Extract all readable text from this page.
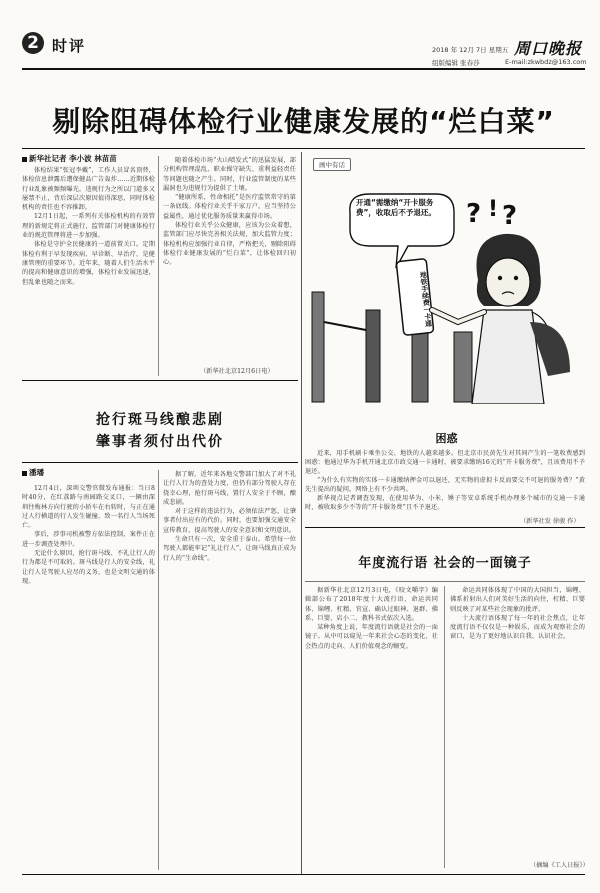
2 时评	2018 年 12月 7日 星期五 周口晚报
组版编辑 张春莎	E-mail:zkwbdz@163.com
剔除阻碍体检行业健康发展的“烂白菜”
新华社记者 李小波 林苗苗

体检结果“张冠李戴”，工作人员冒名顶替，体检信息泄露后遭保健品广告轰炸……近期体检行业乱象被频频曝光，违规行为之所以门道多又屡禁不止，背后深层次原因值得深思，同时体检机构的责任也不容推卸。

12月1日起，一系列有关体检机构的有效管理的新规定将正式施行，监管部门对健康体检行业的规范管理将进一步加强。

体检是守护全民健康的一道前置关口。定期体检有利于早发现疾病、早诊断、早治疗，是健康管理的重要环节。近年来，随着人们生活水平的提高和健康意识的增强，体检行业发展迅速，但乱象也随之而来。

随着体检市场“火山喷发式”的迅猛发展，部分机构管理混乱、职业操守缺失、重利益轻责任等问题也随之产生。同时，行业监管制度的某些漏洞也为违规行为提供了土壤。

“健康所系，性命相托”是医疗监管常守的第一条底线。体检行业关乎千家万户，应当坚持公益属性，通过优化服务质量来赢得市场。

体检行业关乎公众健康，应该为公众着想，监管部门应尽快完善相关法规，加大监管力度；体检机构应加强行业自律，严格把关，剔除阻碍体检行业健康发展的“烂白菜”，让体检回归初心。

（新华社北京12月6日电）
画中有话
? ! ?
开通“需缴纳“开卡服务费”，收取后不予退还。
地铁手续费一卡通
困惑

近来，用手机刷卡乘坐公交、地铁的人越来越多。但北京市民黄先生对其间产生的一笔收费感到困惑：他通过华为手机开通北京市政交通一卡通时，被要求缴纳16元的“开卡服务费”，且该费用不予退还。

“为什么有实物的实体一卡通缴纳押金可以退还，无实物的虚拟卡反而要交不可退的服务费？”黄先生提出的疑问，网络上有不少共鸣。

新华视点记者调查发现，在使用华为、小米、锤子等安卓系统手机办理多个城市的交通一卡通时，被收取多少不等的“开卡服务费”且不予退还。

（新华社发 徐骏 作）
抢行斑马线酿悲剧
肇事者须付出代价
潘璠

12月4日，深圳交警官微发布通报：当日8时40分，在红荔路与南园路交叉口，一辆由深圳往梅林方向行驶的小轿车在右转时，与正在通过人行横道的行人发生碰撞，致一名行人当场死亡。

事后，涉事司机被警方依法控制，案件正在进一步调查处理中。

无论什么原因，抢行斑马线、不礼让行人的行为都是不可取的。斑马线是行人的安全线，礼让行人是驾驶人应尽的义务，也是文明交通的体现。

据了解，近年来各地交警部门加大了对不礼让行人行为的查处力度，但仍有部分驾驶人存在侥幸心理，抢行斑马线，置行人安全于不顾，酿成悲剧。

对于这样的违法行为，必须依法严惩，让肇事者付出应有的代价。同时，也要加强交通安全宣传教育，提高驾驶人的安全意识和文明意识。

生命只有一次，安全重于泰山。希望每一位驾驶人都能牢记“礼让行人”，让斑马线真正成为行人的“生命线”。	年度流行语 社会的一面镜子

据新华社北京12月3日电，《咬文嚼字》编辑部公布了2018年度十大流行语，命运共同体、锦鲤、杠精、官宣、确认过眼神、退群、佛系、巨婴、店小二、教科书式依次入选。

某种角度上说，年度流行语就是社会的一面镜子。从中可以窥见一年来社会心态的变化、社会热点的走向、人们价值观念的嬗变。

命运共同体体现了中国的大国担当，锦鲤、佛系折射出人们对美好生活的向往，杠精、巨婴则反映了对某些社会现象的批评。

十大流行语体现了每一年的社会焦点，让年度流行语不仅仅是一种娱乐，而成为观察社会的窗口，是为了更好地认识自我、认识社会。

（摘编《工人日报》）
